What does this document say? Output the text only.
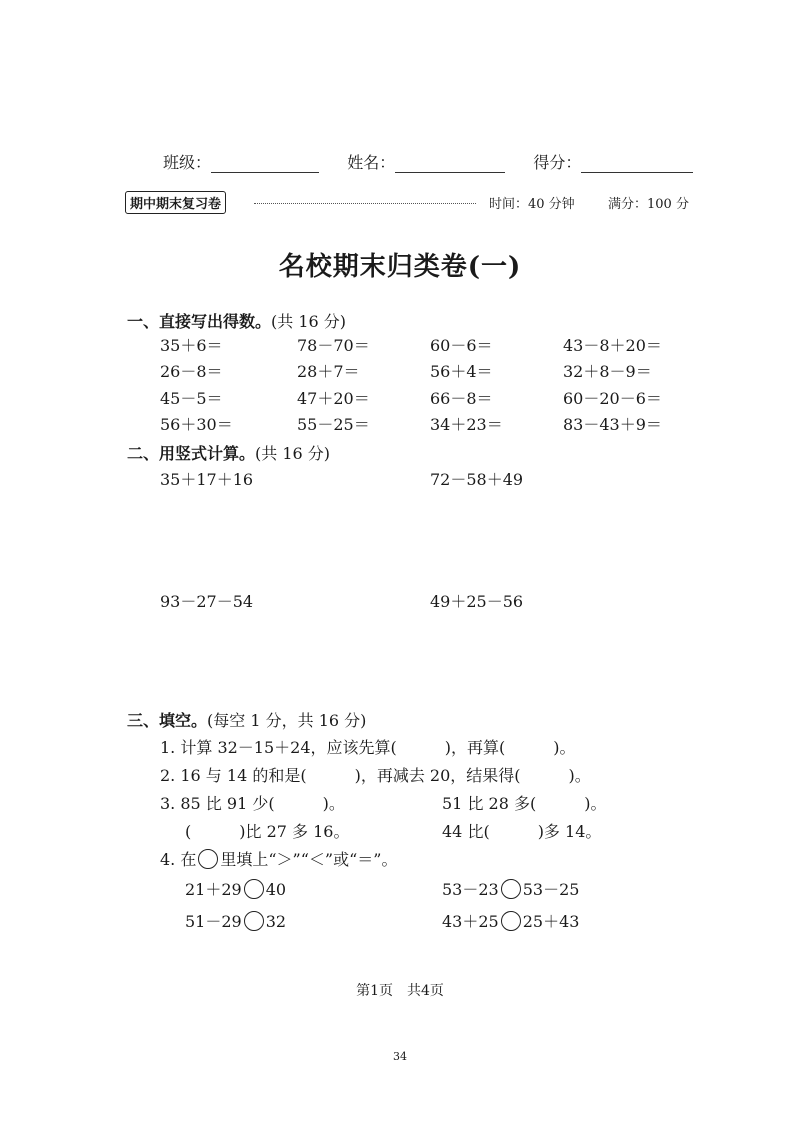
班级：	姓名：	得分：
期中期末复习卷	时间：40 分钟	满分：100 分
名校期末归类卷(一)
一、直接写出得数。(共 16 分)
35＋6＝	78－70＝	60－6＝	43－8＋20＝
26－8＝	28＋7＝	56＋4＝	32＋8－9＝
45－5＝	47＋20＝	66－8＝	60－20－6＝
56＋30＝	55－25＝	34＋23＝	83－43＋9＝
二、用竖式计算。(共 16 分)
35＋17＋16	72－58＋49
93－27－54	49＋25－56
三、填空。(每空 1 分，共 16 分)
1. 计算 32－15＋24，应该先算(　　　)，再算(　　　)。
2. 16 与 14 的和是(　　　)，再减去 20，结果得(　　　)。
3. 85 比 91 少(　　　)。	51 比 28 多(　　　)。
(　　　)比 27 多 16。	44 比(　　　)多 14。
4. 在 里填上“＞”“＜”或“＝”。
21＋29 40	53－23 53－25
51－29 32	43＋25 25＋43
第1页　共4页
34
